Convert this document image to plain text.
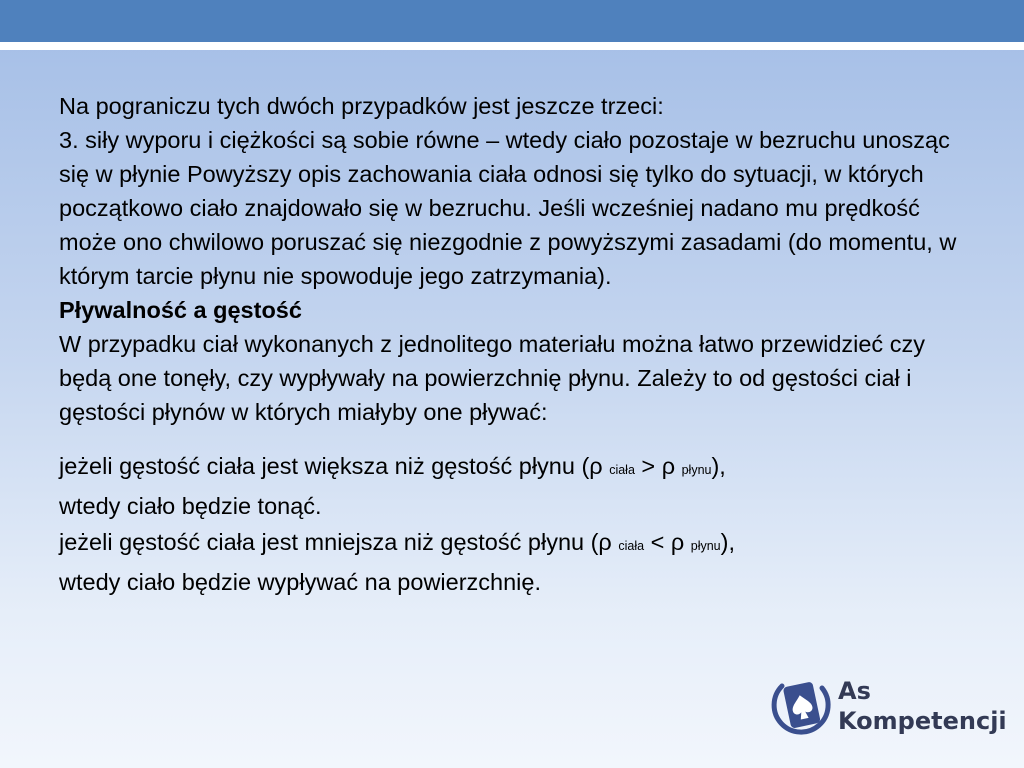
Na pograniczu tych dwóch przypadków jest jeszcze trzeci:

3. siły wyporu i ciężkości są sobie równe – wtedy ciało pozostaje w bezruchu unosząc się w płynie Powyższy opis zachowania ciała odnosi się tylko do sytuacji, w których początkowo ciało znajdowało się w bezruchu. Jeśli wcześniej nadano mu prędkość może ono chwilowo poruszać się niezgodnie z powyższymi zasadami (do momentu, w którym tarcie płynu nie spowoduje jego zatrzymania).

Pływalność a gęstość

W przypadku ciał wykonanych z jednolitego materiału można łatwo przewidzieć czy będą one tonęły, czy wypływały na powierzchnię płynu. Zależy to od gęstości ciał i gęstości płynów w których miałyby one pływać:

jeżeli gęstość ciała jest większa niż gęstość płynu (ρ ciała > ρ płynu),
wtedy ciało będzie tonąć.

jeżeli gęstość ciała jest mniejsza niż gęstość płynu (ρ ciała < ρ płynu),
wtedy ciało będzie wypływać na powierzchnię.

As
Kompetencji
